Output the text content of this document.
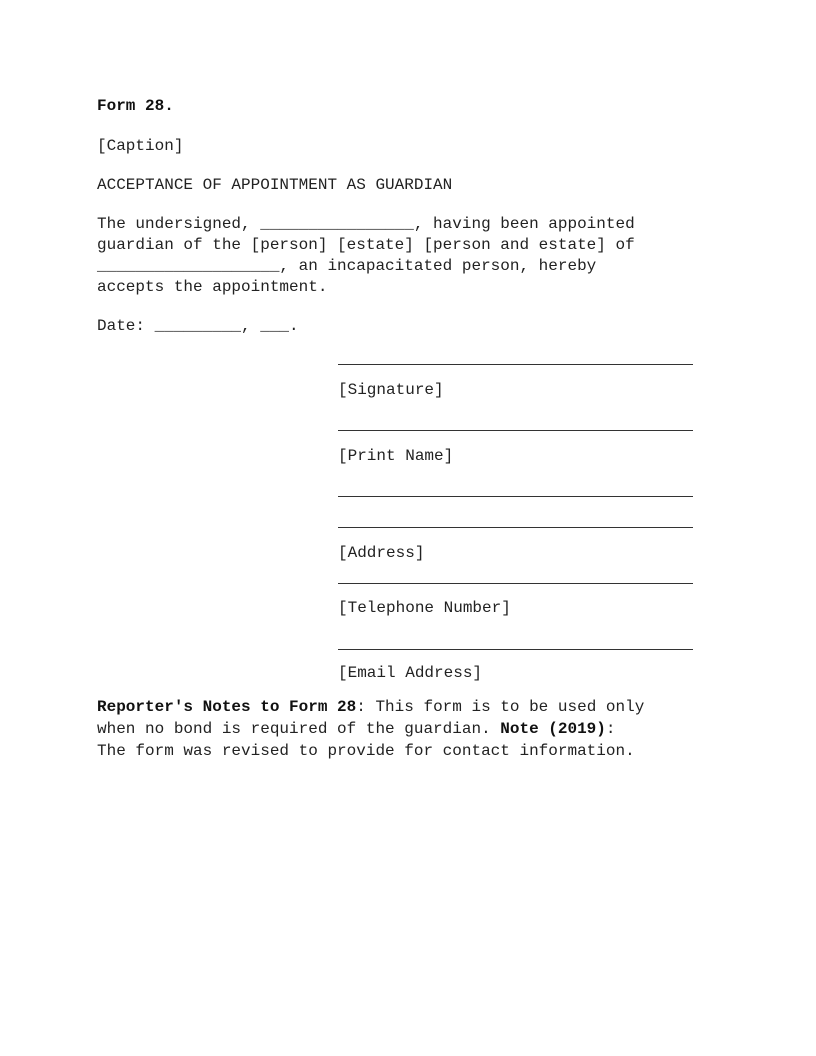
Form 28.
[Caption]
ACCEPTANCE OF APPOINTMENT AS GUARDIAN
The undersigned, ________________, having been appointed
guardian of the [person] [estate] [person and estate] of
___________________, an incapacitated person, hereby
accepts the appointment.
Date: _________, ___.
[Signature]
[Print Name]
[Address]
[Telephone Number]
[Email Address]
Reporter's Notes to Form 28: This form is to be used only
when no bond is required of the guardian. Note (2019):
The form was revised to provide for contact information.
